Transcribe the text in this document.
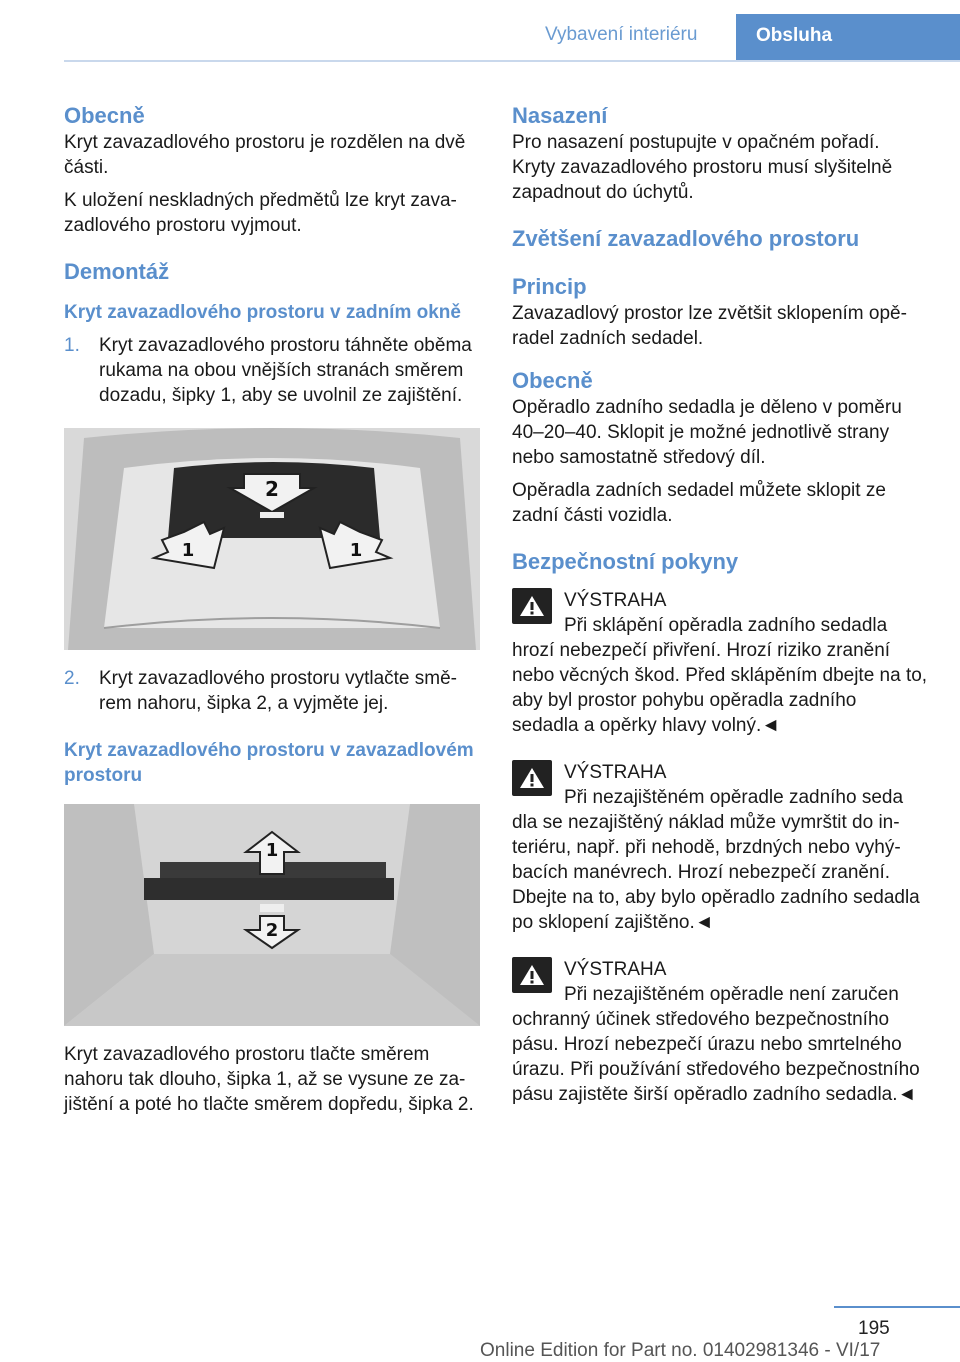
Vybavení interiéru	Obsluha
Obecně

Kryt zavazadlového prostoru je rozdělen na dvě části.

K uložení neskladných předmětů lze kryt zavazadlového prostoru vyjmout.

Demontáž
Kryt zavazadlového prostoru v zadním okně
1. Kryt zavazadlového prostoru táhněte oběma rukama na obou vnějších stranách směrem dozadu, šipky 1, aby se uvolnil ze zajištění.
2
1	1
2. Kryt zavazadlového prostoru vytlačte směrem nahoru, šipka 2, a vyjměte jej.
Kryt zavazadlového prostoru v zavazadlovém prostoru
1
2

Kryt zavazadlového prostoru tlačte směrem nahoru tak dlouho, šipka 1, až se vysune ze zajištění a poté ho tlačte směrem dopředu, šipka 2.

Nasazení

Pro nasazení postupujte v opačném pořadí. Kryty zavazadlového prostoru musí slyšitelně zapadnout do úchytů.

Zvětšení zavazadlového prostoru
Princip

Zavazadlový prostor lze zvětšit sklopením opěradel zadních sedadel.

Obecně

Opěradlo zadního sedadla je děleno v poměru 40–20–40. Sklopit je možné jednotlivě strany nebo samostatně středový díl.

Opěradla zadních sedadel můžete sklopit ze zadní části vozidla.

Bezpečnostní pokyny
VÝSTRAHA
Při sklápění opěradla zadního sedadla
hrozí nebezpečí přivření. Hrozí riziko zranění nebo věcných škod. Před sklápěním dbejte na to, aby byl prostor pohybu opěradla zadního sedadla a opěrky hlavy volný.◄
VÝSTRAHA
Při nezajištěném opěradle zadního seda
dla se nezajištěný náklad může vymrštit do interiéru, např. při nehodě, brzdných nebo vyhýbacích manévrech. Hrozí nebezpečí zranění. Dbejte na to, aby bylo opěradlo zadního sedadla po sklopení zajištěno.◄
VÝSTRAHA
Při nezajištěném opěradle není zaručen
ochranný účinek středového bezpečnostního pásu. Hrozí nebezpečí úrazu nebo smrtelného úrazu. Při používání středového bezpečnostního pásu zajistěte širší opěradlo zadního sedadla.◄
195
Online Edition for Part no. 01402981346 - VI/17
